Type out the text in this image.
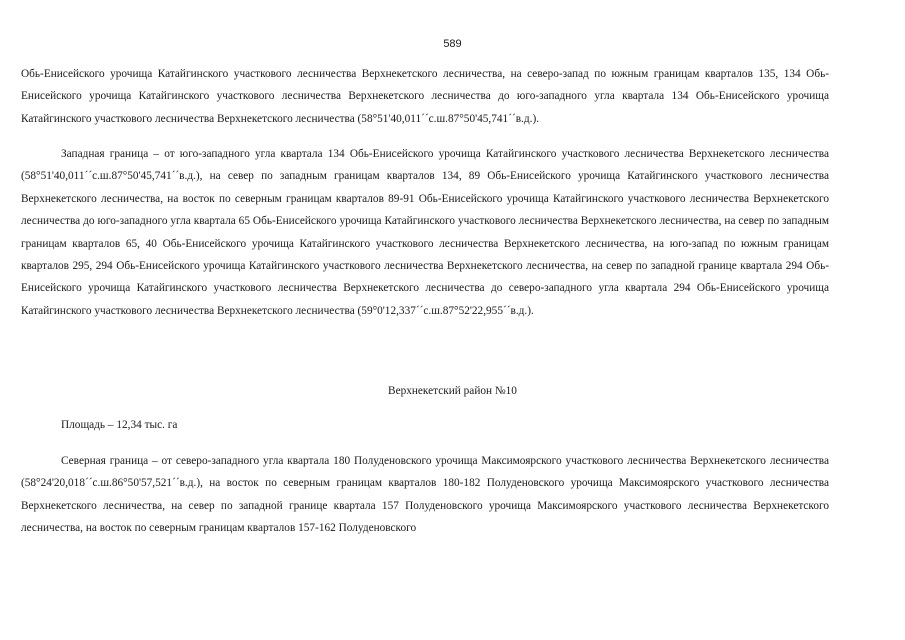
589

Обь-Енисейского урочища Катайгинского участкового лесничества Верхнекетского лесничества, на северо-запад по южным границам кварталов 135, 134 Обь-Енисейского урочища Катайгинского участкового лесничества Верхнекетского лесничества до юго-западного угла квартала 134 Обь-Енисейского урочища Катайгинского участкового лесничества Верхнекетского лесничества (58°51'40,011´´с.ш.87°50'45,741´´в.д.).

Западная граница – от юго-западного угла квартала 134 Обь-Енисейского урочища Катайгинского участкового лесничества Верхнекетского лесничества (58°51'40,011´´с.ш.87°50'45,741´´в.д.), на север по западным границам кварталов 134, 89 Обь-Енисейского урочища Катайгинского участкового лесничества Верхнекетского лесничества, на восток по северным границам кварталов 89-91 Обь-Енисейского урочища Катайгинского участкового лесничества Верхнекетского лесничества до юго-западного угла квартала 65 Обь-Енисейского урочища Катайгинского участкового лесничества Верхнекетского лесничества, на север по западным границам кварталов 65, 40 Обь-Енисейского урочища Катайгинского участкового лесничества Верхнекетского лесничества, на юго-запад по южным границам кварталов 295, 294 Обь-Енисейского урочища Катайгинского участкового лесничества Верхнекетского лесничества, на север по западной границе квартала 294 Обь-Енисейского урочища Катайгинского участкового лесничества Верхнекетского лесничества до северо-западного угла квартала 294 Обь-Енисейского урочища Катайгинского участкового лесничества Верхнекетского лесничества (59°0'12,337´´с.ш.87°52'22,955´´в.д.).

Верхнекетский район №10

Площадь – 12,34 тыс. га

Северная граница – от северо-западного угла квартала 180 Полуденовского урочища Максимоярского участкового лесничества Верхнекетского лесничества (58°24'20,018´´с.ш.86°50'57,521´´в.д.), на восток по северным границам кварталов 180-182 Полуденовского урочища Максимоярского участкового лесничества Верхнекетского лесничества, на север по западной границе квартала 157 Полуденовского урочища Максимоярского участкового лесничества Верхнекетского лесничества, на восток по северным границам кварталов 157-162 Полуденовского
